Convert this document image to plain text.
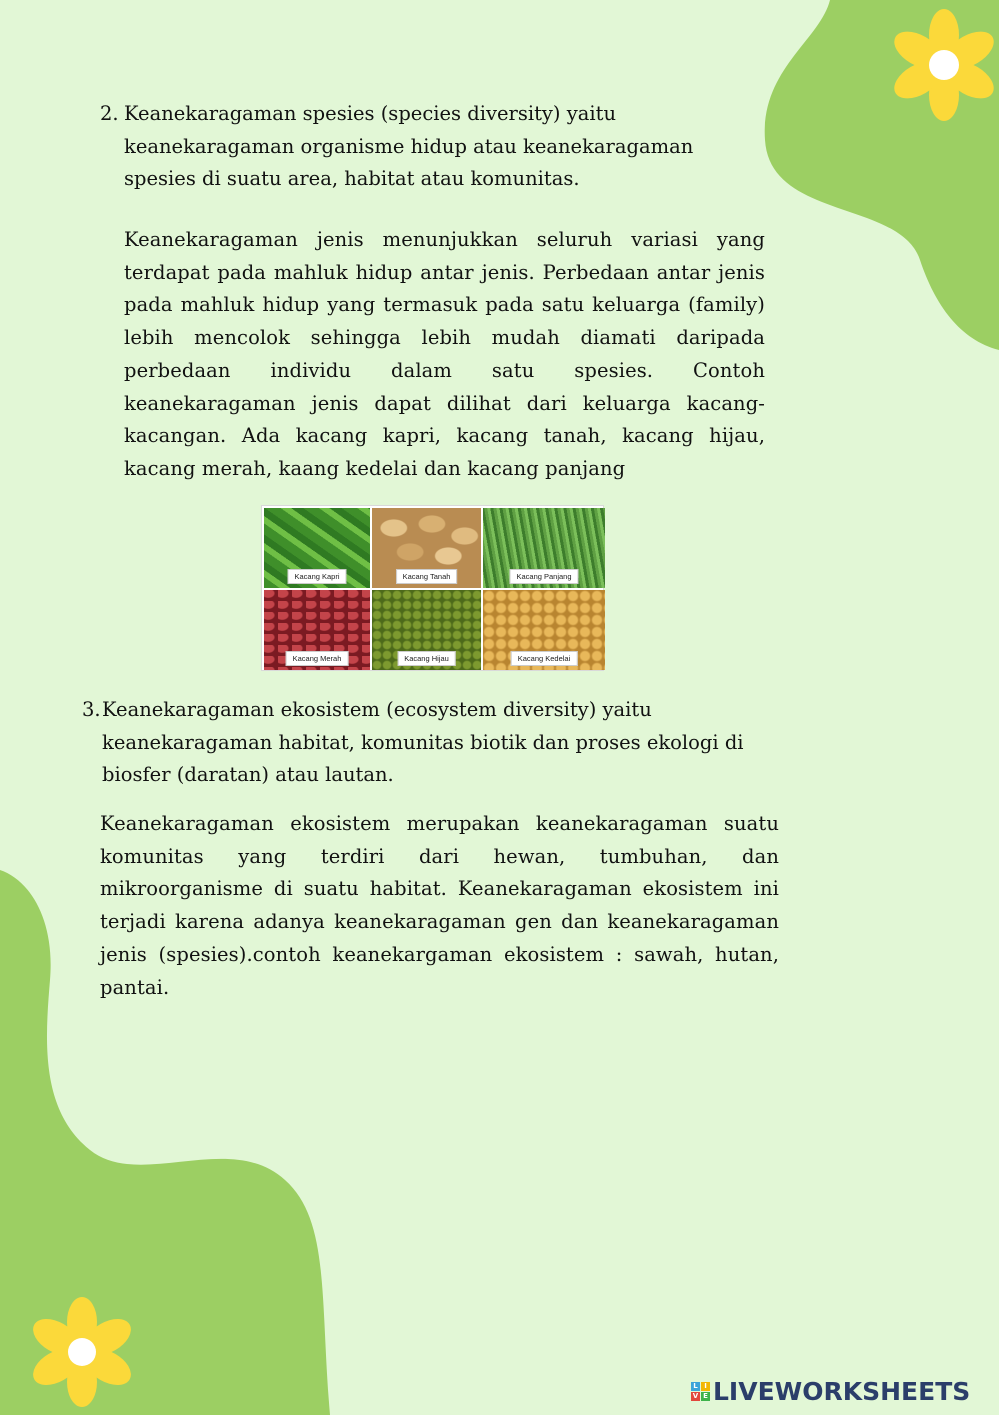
2. Keanekaragaman spesies (species diversity) yaitu keanekaragaman organisme hidup atau keanekaragaman spesies di suatu area, habitat atau komunitas.

Keanekaragaman jenis menunjukkan seluruh variasi yang terdapat pada mahluk hidup antar jenis. Perbedaan antar jenis pada mahluk hidup yang termasuk pada satu keluarga (family) lebih mencolok sehingga lebih mudah diamati daripada perbedaan individu dalam satu spesies. Contoh keanekaragaman jenis dapat dilihat dari keluarga kacang-kacangan. Ada kacang kapri, kacang tanah, kacang hijau, kacang merah, kaang kedelai dan kacang panjang

Kacang Kapri	Kacang Tanah	Kacang Panjang
Kacang Merah	Kacang Hijau	Kacang Kedelai
3. Keanekaragaman ekosistem (ecosystem diversity) yaitu keanekaragaman habitat, komunitas biotik dan proses ekologi di biosfer (daratan) atau lautan.

Keanekaragaman ekosistem merupakan keanekaragaman suatu komunitas yang terdiri dari hewan, tumbuhan, dan mikroorganisme di suatu habitat. Keanekaragaman ekosistem ini terjadi karena adanya keanekaragaman gen dan keanekaragaman jenis (spesies).contoh keanekargaman ekosistem : sawah, hutan, pantai.

L I
V E LIVEWORKSHEETS
